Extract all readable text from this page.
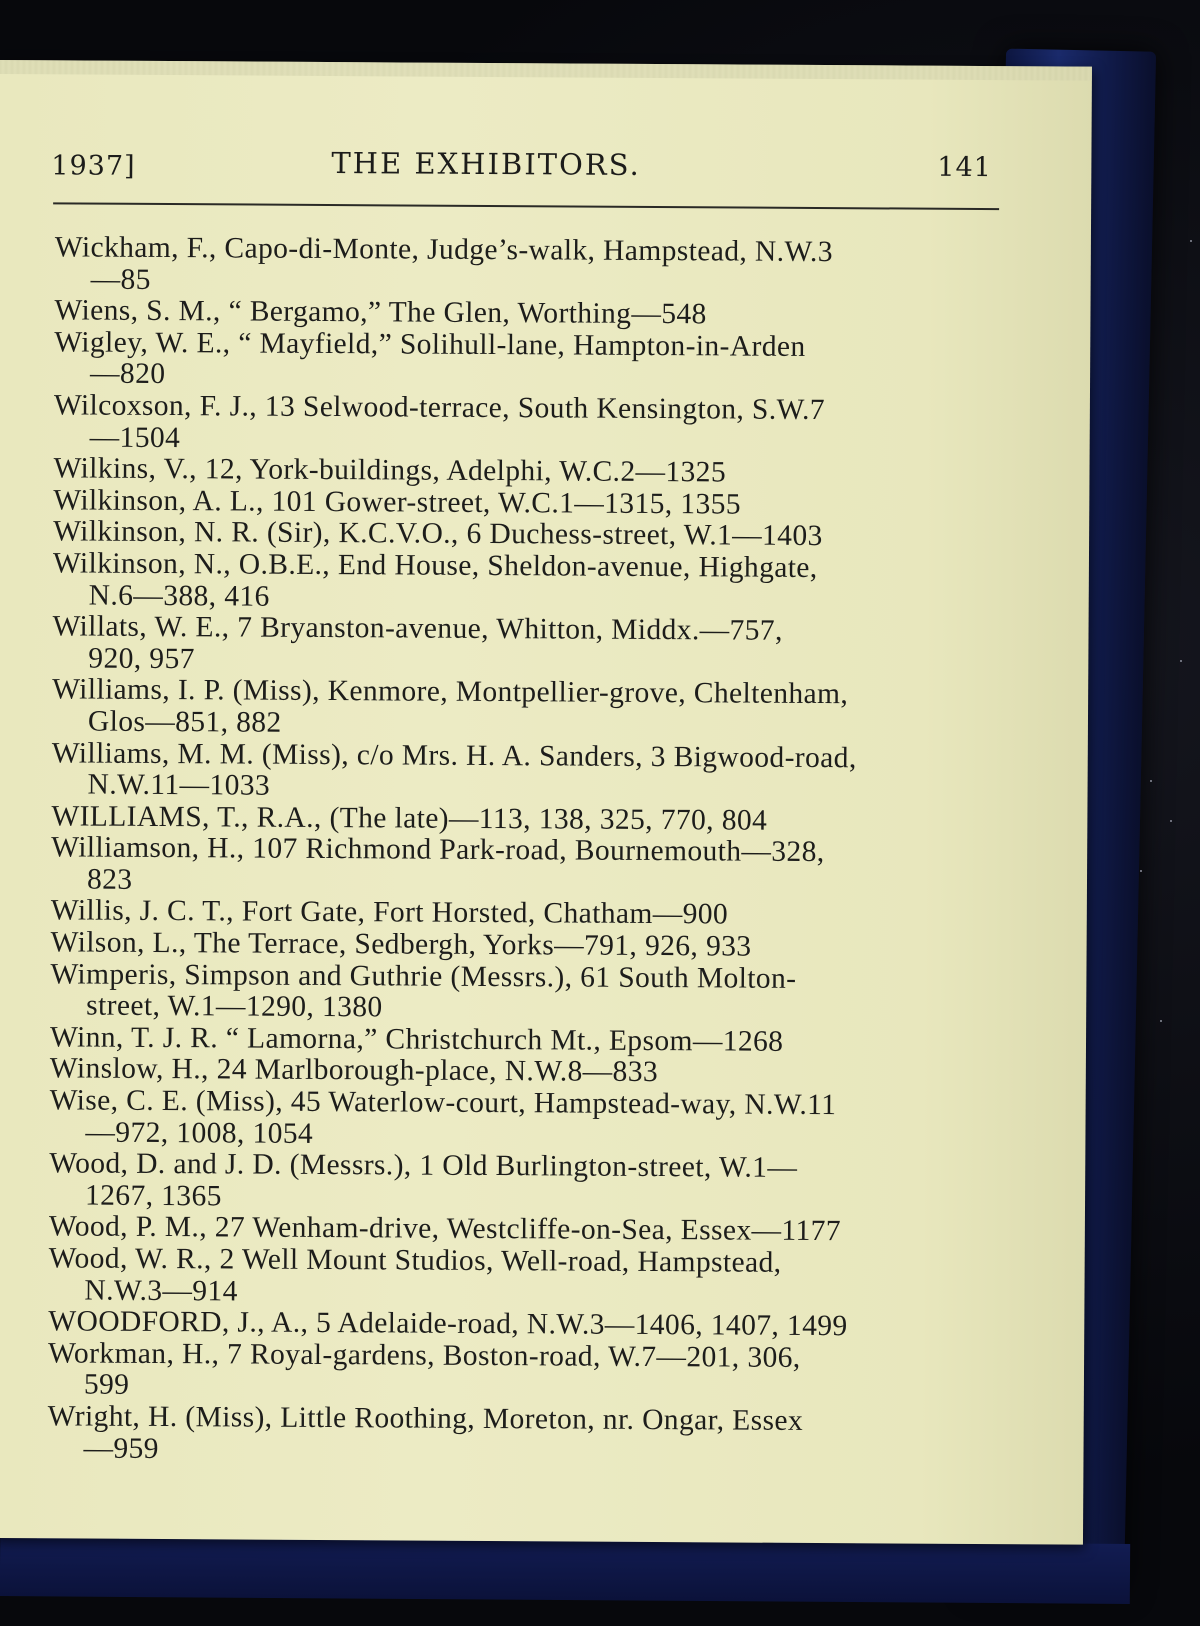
1937]	THE EXHIBITORS.	141
Wickham, F., Capo-di-Monte, Judge’s-walk, Hampstead, N.W.3
—85
Wiens, S. M., “ Bergamo,” The Glen, Worthing—548
Wigley, W. E., “ Mayfield,” Solihull-lane, Hampton-in-Arden
—820
Wilcoxson, F. J., 13 Selwood-terrace, South Kensington, S.W.7
—1504
Wilkins, V., 12, York-buildings, Adelphi, W.C.2—1325
Wilkinson, A. L., 101 Gower-street, W.C.1—1315, 1355
Wilkinson, N. R. (Sir), K.C.V.O., 6 Duchess-street, W.1—1403
Wilkinson, N., O.B.E., End House, Sheldon-avenue, Highgate,
N.6—388, 416
Willats, W. E., 7 Bryanston-avenue, Whitton, Middx.—757,
920, 957
Williams, I. P. (Miss), Kenmore, Montpellier-grove, Cheltenham,
Glos—851, 882
Williams, M. M. (Miss), c/o Mrs. H. A. Sanders, 3 Bigwood-road,
N.W.11—1033
WILLIAMS, T., R.A., (The late)—113, 138, 325, 770, 804
Williamson, H., 107 Richmond Park-road, Bournemouth—328,
823
Willis, J. C. T., Fort Gate, Fort Horsted, Chatham—900
Wilson, L., The Terrace, Sedbergh, Yorks—791, 926, 933
Wimperis, Simpson and Guthrie (Messrs.), 61 South Molton-
street, W.1—1290, 1380
Winn, T. J. R. “ Lamorna,” Christchurch Mt., Epsom—1268
Winslow, H., 24 Marlborough-place, N.W.8—833
Wise, C. E. (Miss), 45 Waterlow-court, Hampstead-way, N.W.11
—972, 1008, 1054
Wood, D. and J. D. (Messrs.), 1 Old Burlington-street, W.1—
1267, 1365
Wood, P. M., 27 Wenham-drive, Westcliffe-on-Sea, Essex—1177
Wood, W. R., 2 Well Mount Studios, Well-road, Hampstead,
N.W.3—914
WOODFORD, J., A., 5 Adelaide-road, N.W.3—1406, 1407, 1499
Workman, H., 7 Royal-gardens, Boston-road, W.7—201, 306,
599
Wright, H. (Miss), Little Roothing, Moreton, nr. Ongar, Essex
—959
